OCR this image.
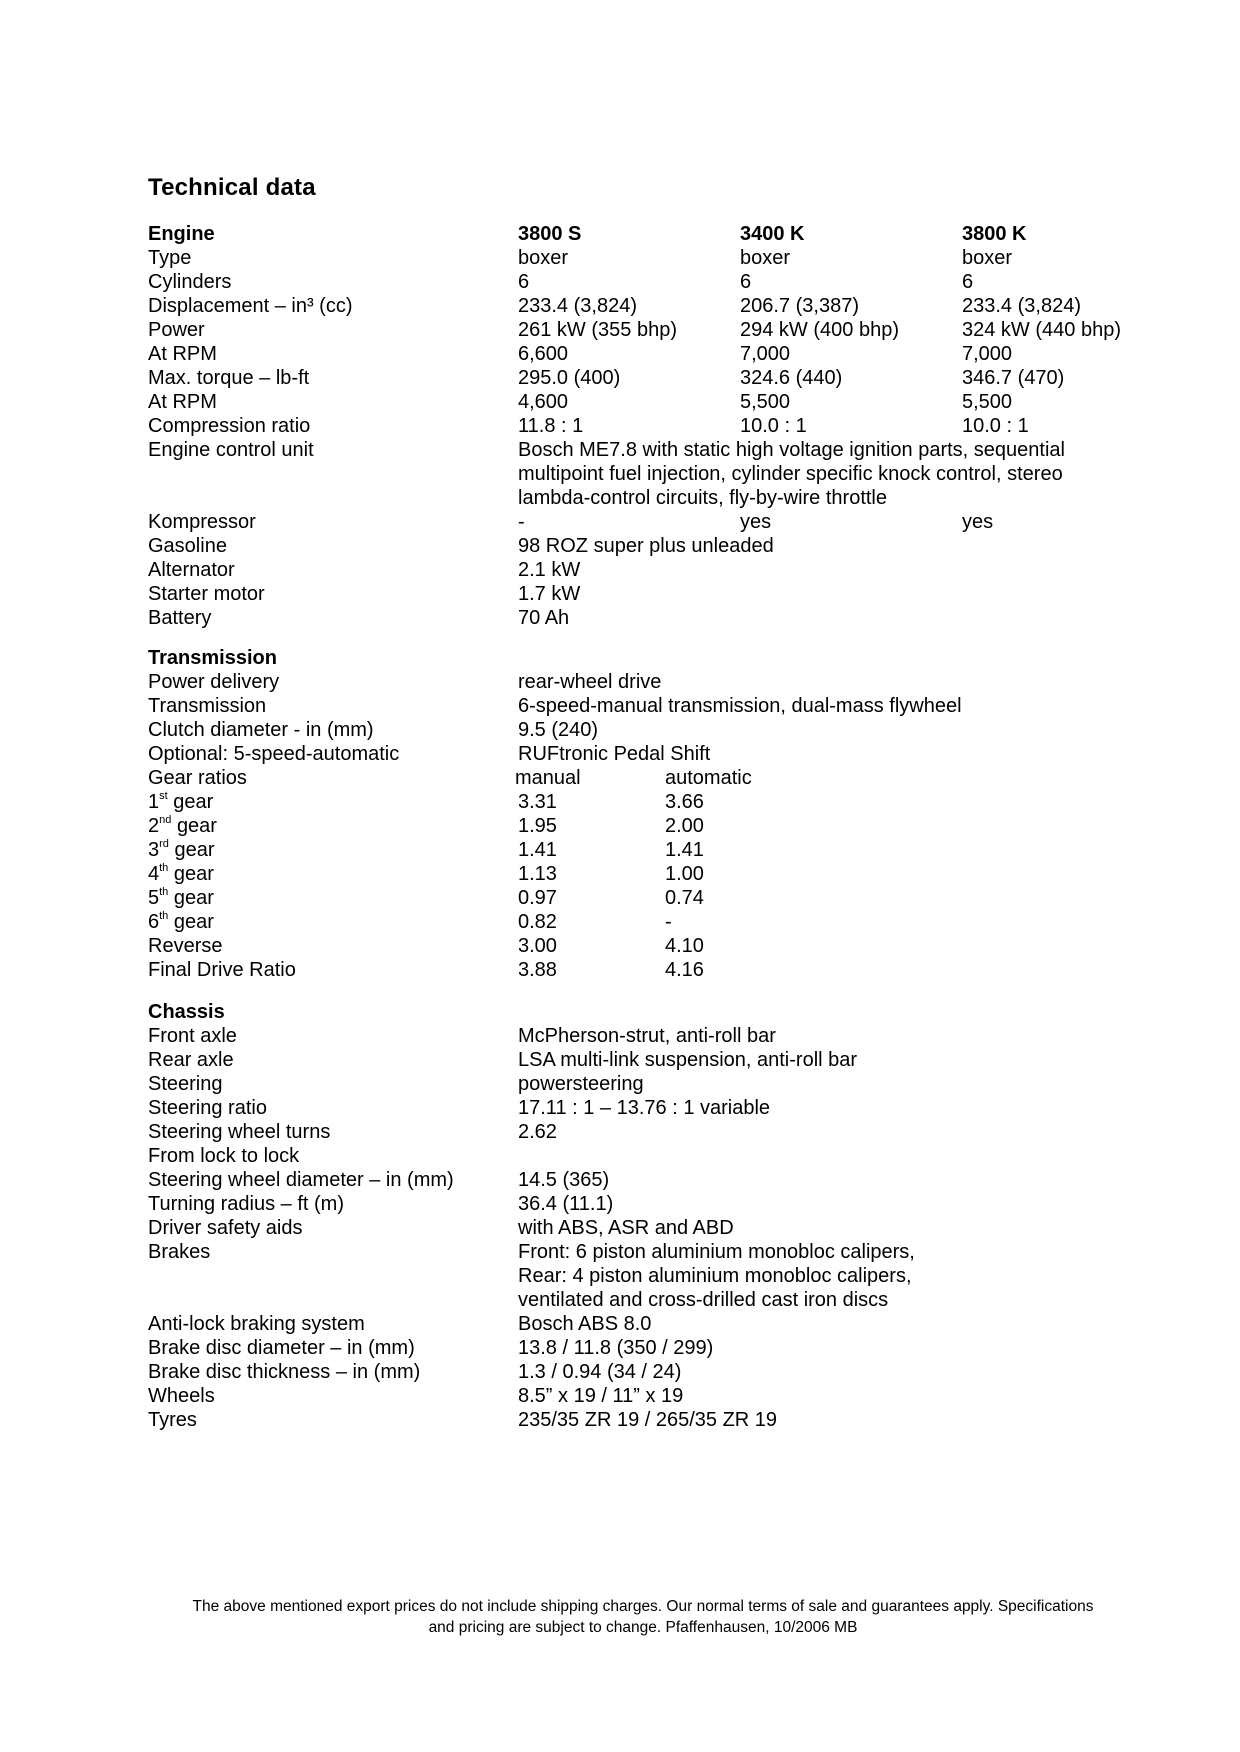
Technical data
Engine	3800 S	3400 K	3800 K
Type	boxer	boxer	boxer
Cylinders	6	6	6
Displacement – in³ (cc)	233.4 (3,824)	206.7 (3,387)	233.4 (3,824)
Power	261 kW (355 bhp)	294 kW (400 bhp)	324 kW (440 bhp)
At RPM	6,600	7,000	7,000
Max. torque – lb-ft	295.0 (400)	324.6 (440)	346.7 (470)
At RPM	4,600	5,500	5,500
Compression ratio	11.8 : 1	10.0 : 1	10.0 : 1
Engine control unit	Bosch ME7.8 with static high voltage ignition parts, sequential multipoint fuel injection, cylinder specific knock control, stereo lambda-control circuits, fly-by-wire throttle
Kompressor	-	yes	yes
Gasoline	98 ROZ super plus unleaded
Alternator	2.1 kW
Starter motor	1.7 kW
Battery	70 Ah
Transmission
Power delivery	rear-wheel drive
Transmission	6-speed-manual transmission, dual-mass flywheel
Clutch diameter - in (mm)	9.5 (240)
Optional: 5-speed-automatic	RUFtronic Pedal Shift
Gear ratios	manual	automatic
1st gear	3.31	3.66
2nd gear	1.95	2.00
3rd gear	1.41	1.41
4th gear	1.13	1.00
5th gear	0.97	0.74
6th gear	0.82	-
Reverse	3.00	4.10
Final Drive Ratio	3.88	4.16
Chassis
Front axle	McPherson-strut, anti-roll bar
Rear axle	LSA multi-link suspension, anti-roll bar
Steering	powersteering
Steering ratio	17.11 : 1 – 13.76 : 1 variable
Steering wheel turns	2.62
From lock to lock
Steering wheel diameter – in (mm)	14.5 (365)
Turning radius – ft (m)	36.4 (11.1)
Driver safety aids	with ABS, ASR and ABD
Brakes	Front: 6 piston aluminium monobloc calipers,
Rear: 4 piston aluminium monobloc calipers,
ventilated and cross-drilled cast iron discs
Anti-lock braking system	Bosch ABS 8.0
Brake disc diameter – in (mm)	13.8 / 11.8 (350 / 299)
Brake disc thickness – in (mm)	1.3 / 0.94 (34 / 24)
Wheels	8.5” x 19 / 11” x 19
Tyres	235/35 ZR 19 / 265/35 ZR 19
The above mentioned export prices do not include shipping charges. Our normal terms of sale and guarantees apply. Specifications
and pricing are subject to change. Pfaffenhausen, 10/2006 MB
